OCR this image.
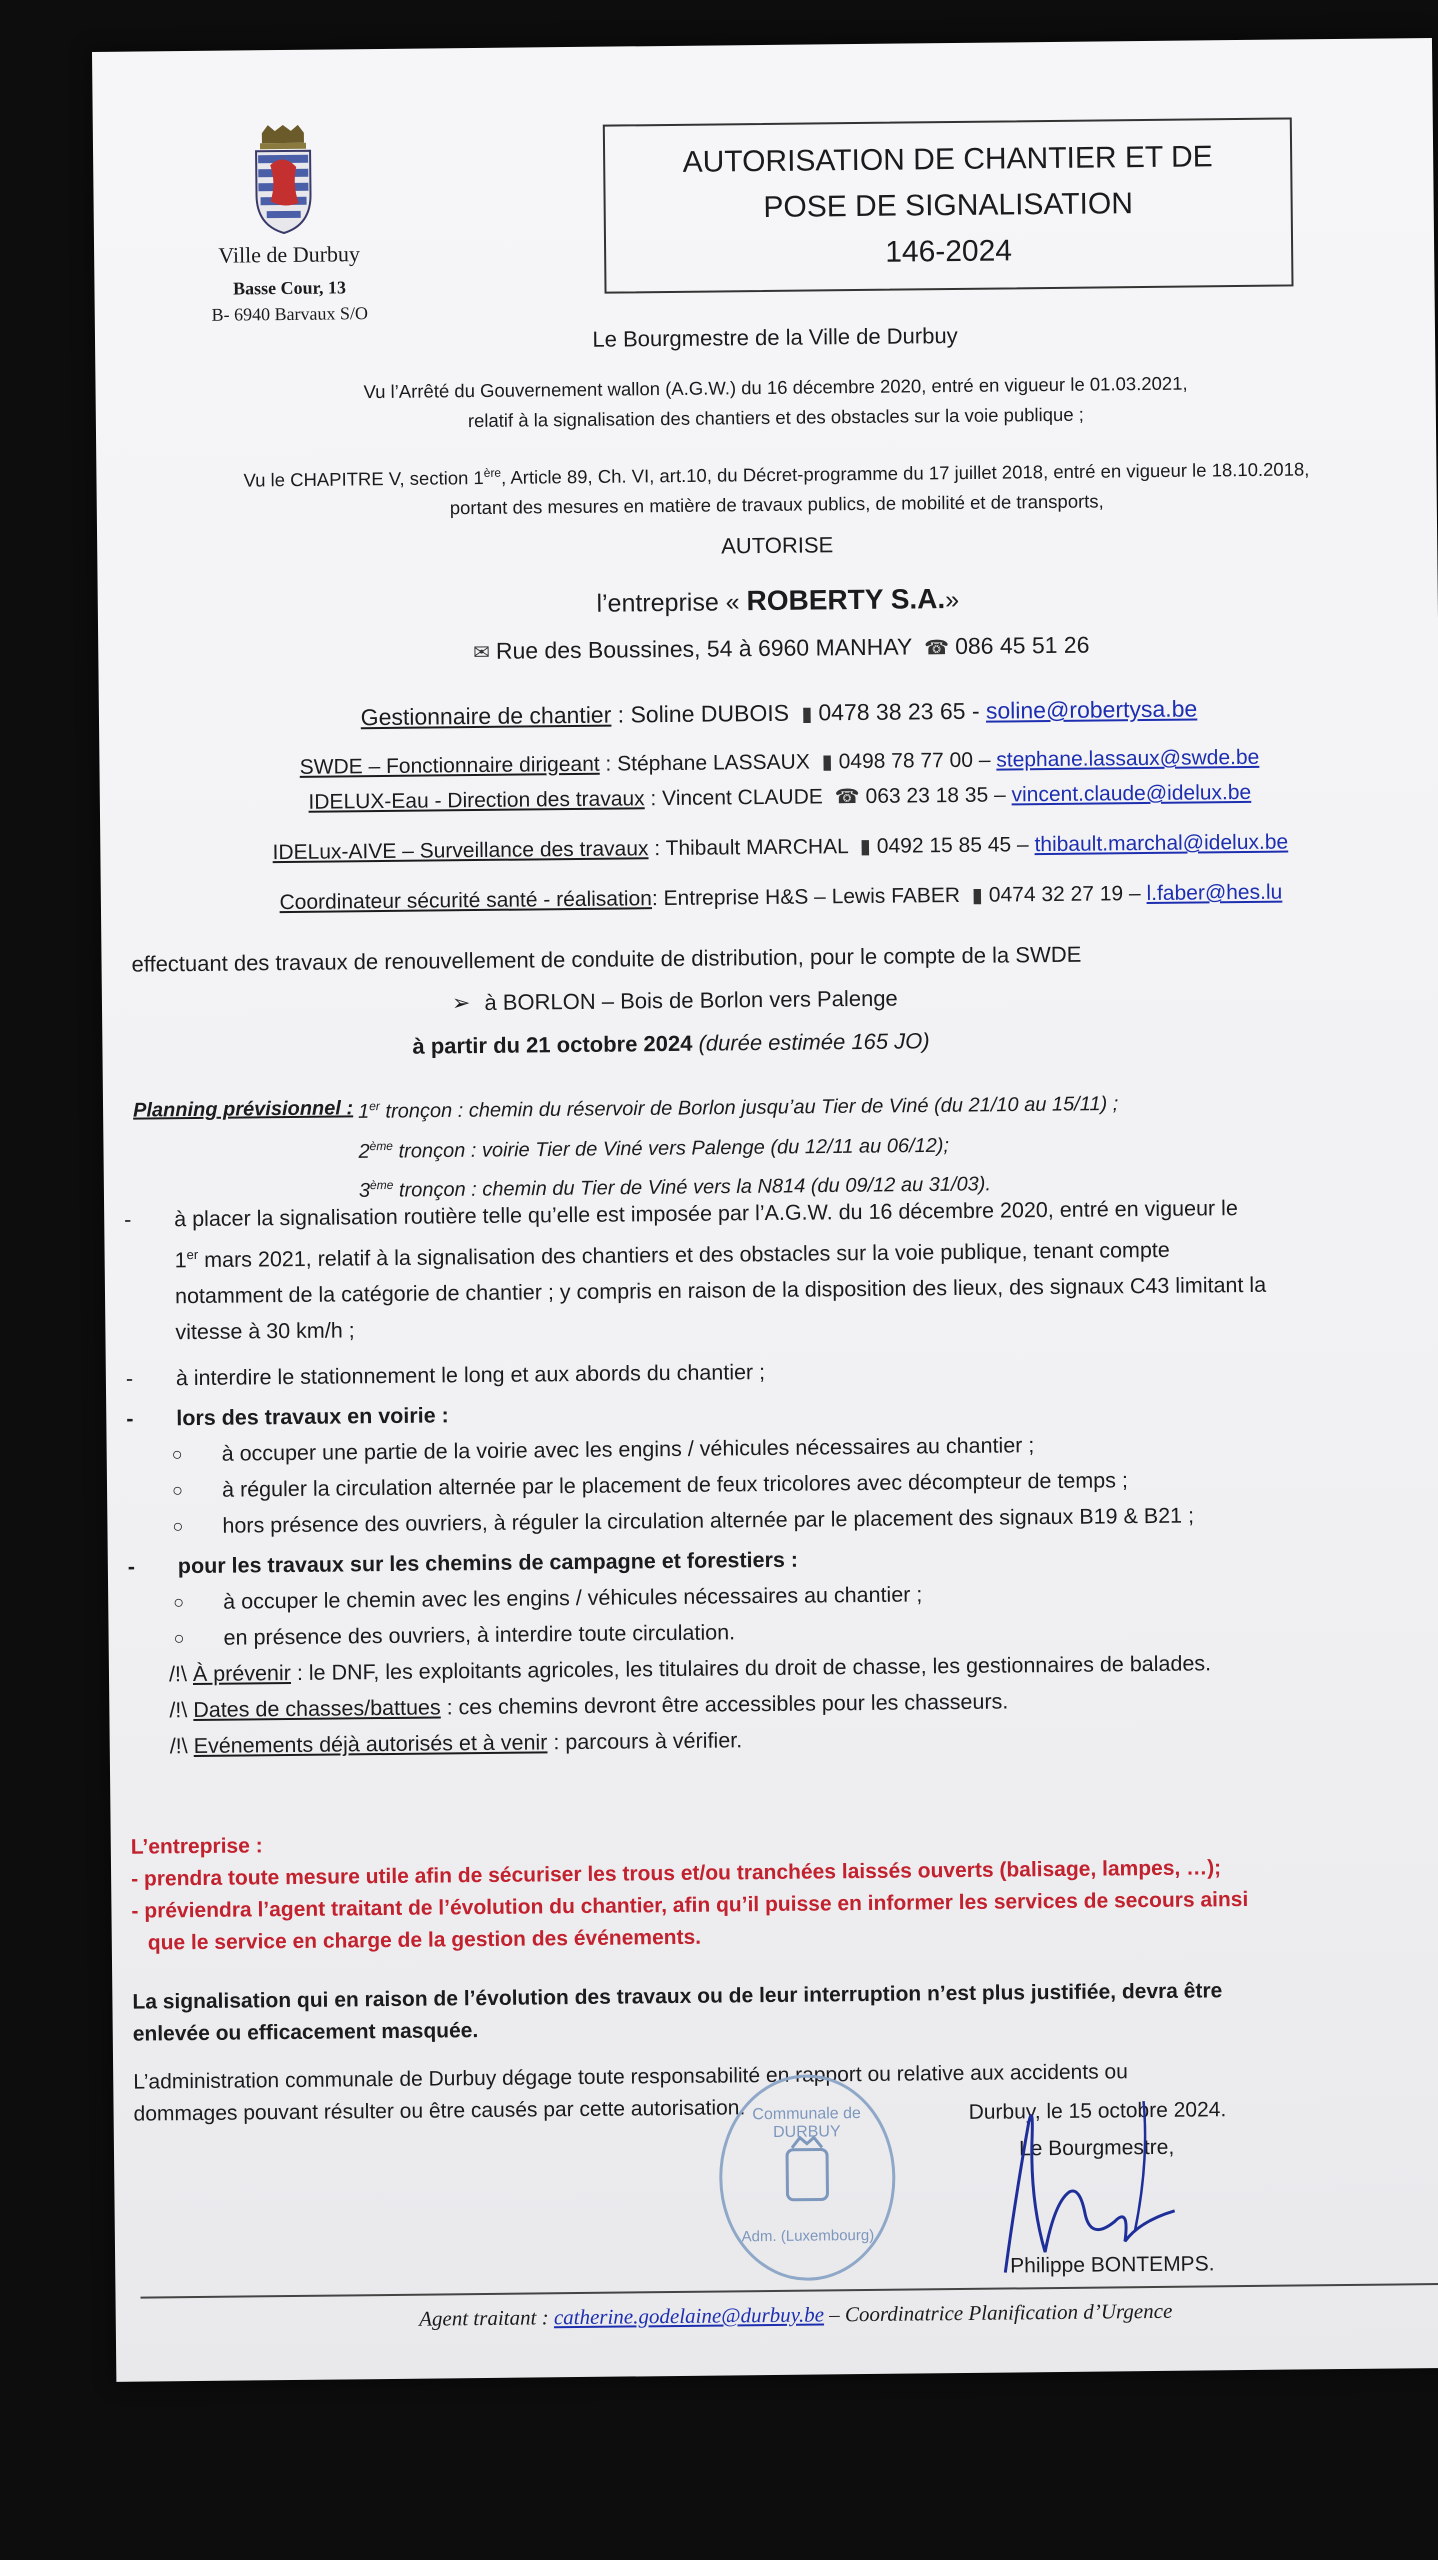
Ville de Durbuy
Basse Cour, 13
B- 6940 Barvaux S/O
AUTORISATION DE CHANTIER ET DE
POSE DE SIGNALISATION
146-2024
Le Bourgmestre de la Ville de Durbuy
Vu l’Arrêté du Gouvernement wallon (A.G.W.) du 16 décembre 2020, entré en vigueur le 01.03.2021,
relatif à la signalisation des chantiers et des obstacles sur la voie publique ;
Vu le CHAPITRE V, section 1ère, Article 89, Ch. VI, art.10, du Décret-programme du 17 juillet 2018, entré en vigueur le 18.10.2018,
portant des mesures en matière de travaux publics, de mobilité et de transports,
AUTORISE
l’entreprise « ROBERTY S.A.»
✉ Rue des Boussines, 54 à 6960 MANHAY ☎ 086 45 51 26
Gestionnaire de chantier : Soline DUBOIS ▮ 0478 38 23 65 - soline@robertysa.be
SWDE – Fonctionnaire dirigeant : Stéphane LASSAUX ▮ 0498 78 77 00 – stephane.lassaux@swde.be
IDELUX-Eau - Direction des travaux : Vincent CLAUDE ☎ 063 23 18 35 – vincent.claude@idelux.be
IDELux-AIVE – Surveillance des travaux : Thibault MARCHAL ▮ 0492 15 85 45 – thibault.marchal@idelux.be
Coordinateur sécurité santé - réalisation: Entreprise H&S – Lewis FABER ▮ 0474 32 27 19 – l.faber@hes.lu
effectuant des travaux de renouvellement de conduite de distribution, pour le compte de la SWDE
➢ à BORLON – Bois de Borlon vers Palenge
à partir du 21 octobre 2024 (durée estimée 165 JO)
Planning prévisionnel : 1er tronçon : chemin du réservoir de Borlon jusqu’au Tier de Viné (du 21/10 au 15/11) ;
2ème tronçon : voirie Tier de Viné vers Palenge (du 12/11 au 06/12);
3ème tronçon : chemin du Tier de Viné vers la N814 (du 09/12 au 31/03).
- à placer la signalisation routière telle qu’elle est imposée par l’A.G.W. du 16 décembre 2020, entré en vigueur le
1er mars 2021, relatif à la signalisation des chantiers et des obstacles sur la voie publique, tenant compte
notamment de la catégorie de chantier ; y compris en raison de la disposition des lieux, des signaux C43 limitant la
vitesse à 30 km/h ;
- à interdire le stationnement le long et aux abords du chantier ;
- lors des travaux en voirie :
○ à occuper une partie de la voirie avec les engins / véhicules nécessaires au chantier ;
○ à réguler la circulation alternée par le placement de feux tricolores avec décompteur de temps ;
○ hors présence des ouvriers, à réguler la circulation alternée par le placement des signaux B19 & B21 ;
- pour les travaux sur les chemins de campagne et forestiers :
○ à occuper le chemin avec les engins / véhicules nécessaires au chantier ;
○ en présence des ouvriers, à interdire toute circulation.
/!\ À prévenir : le DNF, les exploitants agricoles, les titulaires du droit de chasse, les gestionnaires de balades.
/!\ Dates de chasses/battues : ces chemins devront être accessibles pour les chasseurs.
/!\ Evénements déjà autorisés et à venir : parcours à vérifier.
L’entreprise :
- prendra toute mesure utile afin de sécuriser les trous et/ou tranchées laissés ouverts (balisage, lampes, …);
- préviendra l’agent traitant de l’évolution du chantier, afin qu’il puisse en informer les services de secours ainsi
que le service en charge de la gestion des événements.
La signalisation qui en raison de l’évolution des travaux ou de leur interruption n’est plus justifiée, devra être
enlevée ou efficacement masquée.
L’administration communale de Durbuy dégage toute responsabilité en rapport ou relative aux accidents ou
dommages pouvant résulter ou être causés par cette autorisation. Communale de DURBUY
Adm. (Luxembourg)
Durbuy, le 15 octobre 2024.
Le Bourgmestre,
Philippe BONTEMPS.
Agent traitant : catherine.godelaine@durbuy.be – Coordinatrice Planification d’Urgence
